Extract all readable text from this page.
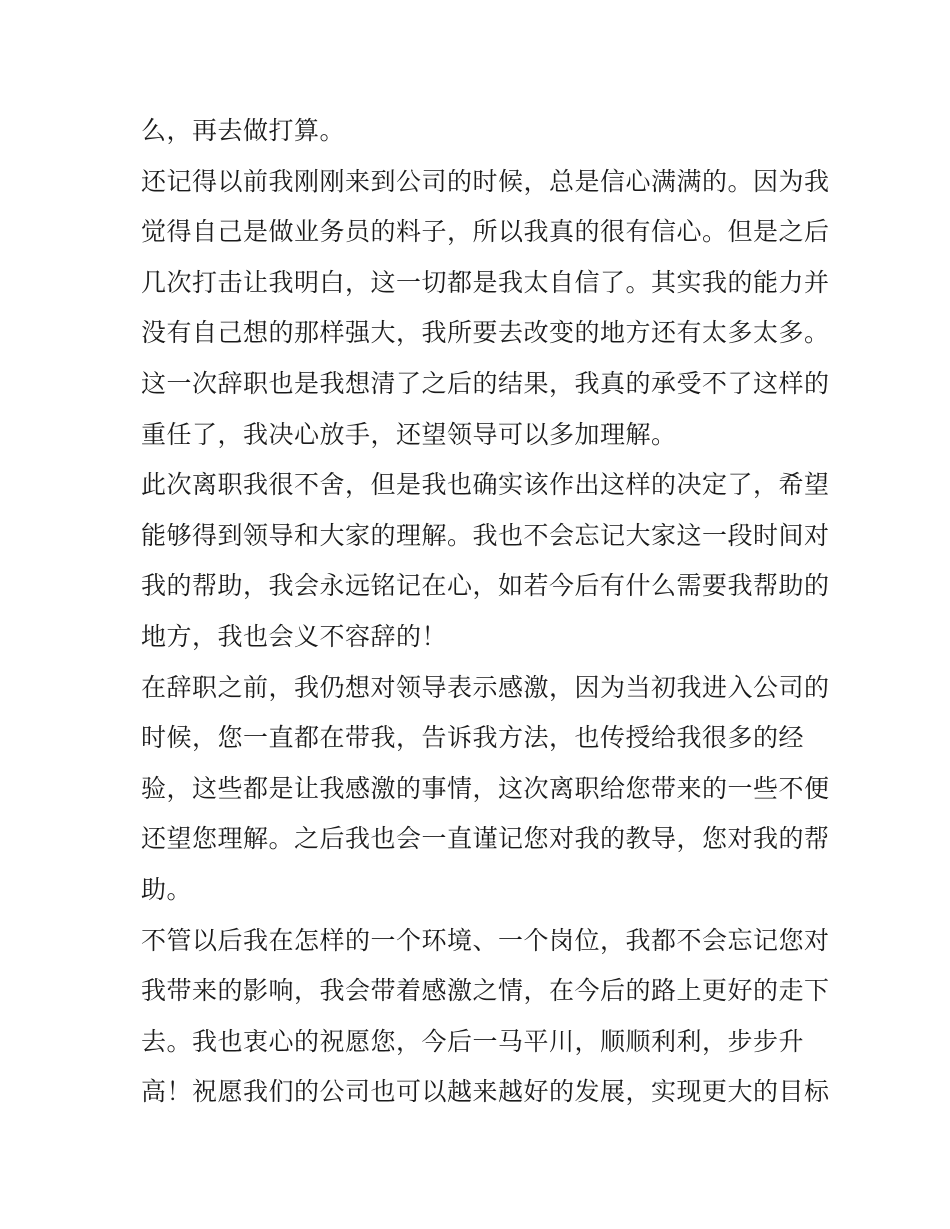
么，再去做打算。
还记得以前我刚刚来到公司的时候，总是信心满满的。因为我
觉得自己是做业务员的料子，所以我真的很有信心。但是之后
几次打击让我明白，这一切都是我太自信了。其实我的能力并
没有自己想的那样强大，我所要去改变的地方还有太多太多。
这一次辞职也是我想清了之后的结果，我真的承受不了这样的
重任了，我决心放手，还望领导可以多加理解。
此次离职我很不舍，但是我也确实该作出这样的决定了，希望
能够得到领导和大家的理解。我也不会忘记大家这一段时间对
我的帮助，我会永远铭记在心，如若今后有什么需要我帮助的
地方，我也会义不容辞的！
在辞职之前，我仍想对领导表示感激，因为当初我进入公司的
时候，您一直都在带我，告诉我方法，也传授给我很多的经
验，这些都是让我感激的事情，这次离职给您带来的一些不便
还望您理解。之后我也会一直谨记您对我的教导，您对我的帮
助。
不管以后我在怎样的一个环境、一个岗位，我都不会忘记您对
我带来的影响，我会带着感激之情，在今后的路上更好的走下
去。我也衷心的祝愿您，今后一马平川，顺顺利利，步步升
高！祝愿我们的公司也可以越来越好的发展，实现更大的目标
